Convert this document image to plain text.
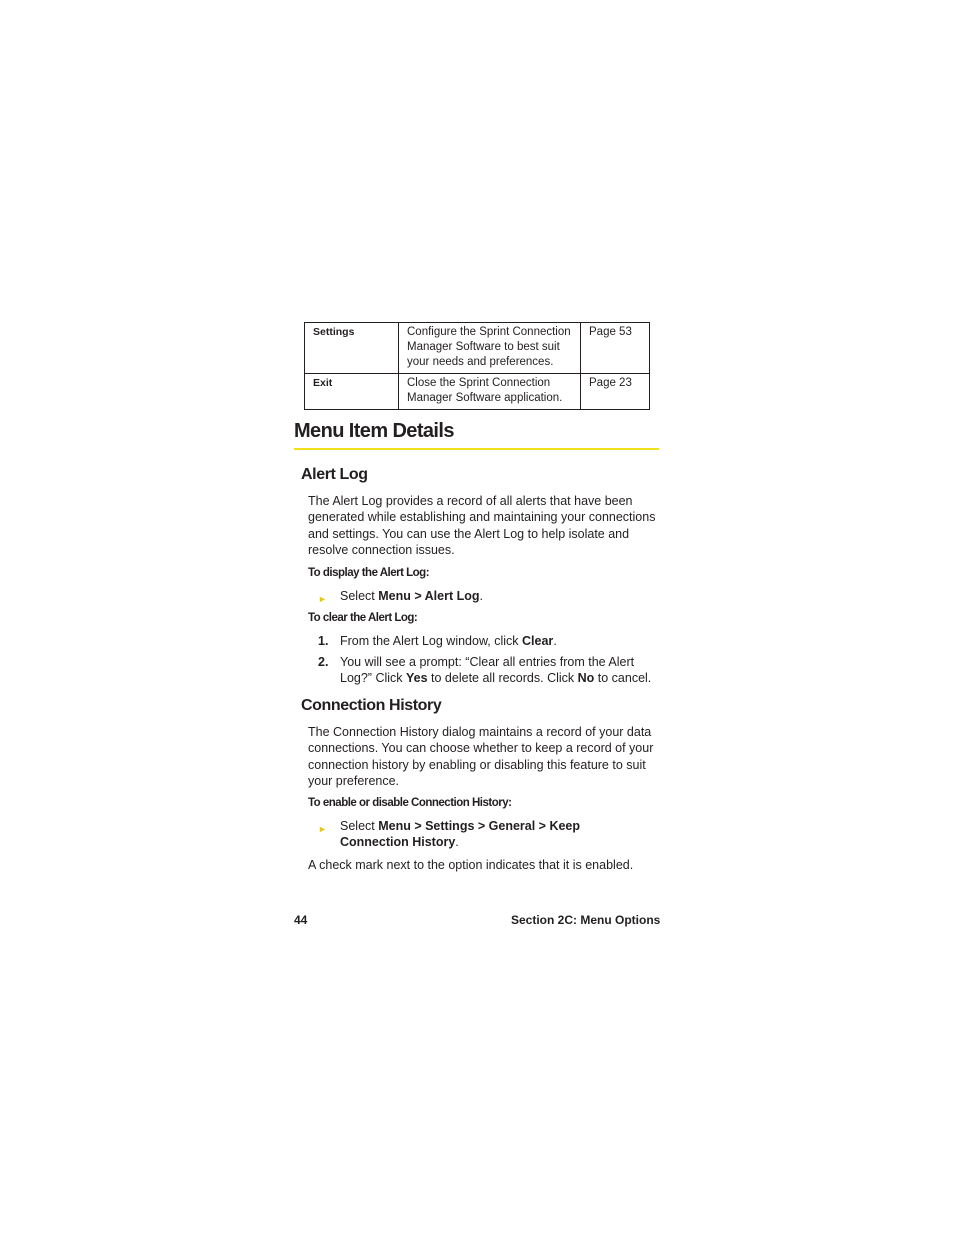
Settings	Configure the Sprint Connection Manager Software to best suit your needs and preferences.	Page 53
Exit	Close the Sprint Connection Manager Software application.	Page 23
Menu Item Details
Alert Log

The Alert Log provides a record of all alerts that have been generated while establishing and maintaining your connections and settings. You can use the Alert Log to help isolate and resolve connection issues.

To display the Alert Log:

► Select Menu > Alert Log.

To clear the Alert Log:

1. From the Alert Log window, click Clear.
2. You will see a prompt: “Clear all entries from the Alert Log?” Click Yes to delete all records. Click No to cancel.
Connection History

The Connection History dialog maintains a record of your data connections. You can choose whether to keep a record of your connection history by enabling or disabling this feature to suit your preference.

To enable or disable Connection History:

► Select Menu > Settings > General > Keep Connection History.

A check mark next to the option indicates that it is enabled.

44	Section 2C: Menu Options
